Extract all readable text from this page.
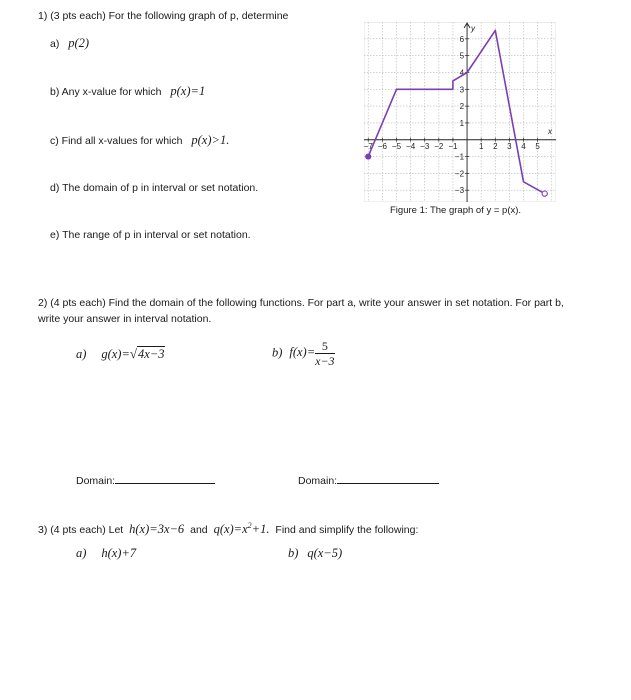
1) (3 pts each) For the following graph of p, determine
a) p(2)
b) Any x-value for which p(x)=1
c) Find all x-values for which p(x)>1.
d) The domain of p in interval or set notation.
e) The range of p in interval or set notation.
x
y
−7 −6 −5 −4 −3 −2 −1	1 2 3 4 5
−3
−2
−1
1
2
3
4
5
6
Figure 1: The graph of y = p(x).
2) (4 pts each) Find the domain of the following functions. For part a, write your answer in set notation. For part b,
write your answer in interval notation.
a) g(x)=√4x−3	b) $f(x)= \frac{5}{x-3}$
Domain:	Domain:
3) (4 pts each) Let h(x)=3x−6 and $q(x)=x^2+1$. Find and simplify the following:
a) h(x)+7	b) q(x−5)
